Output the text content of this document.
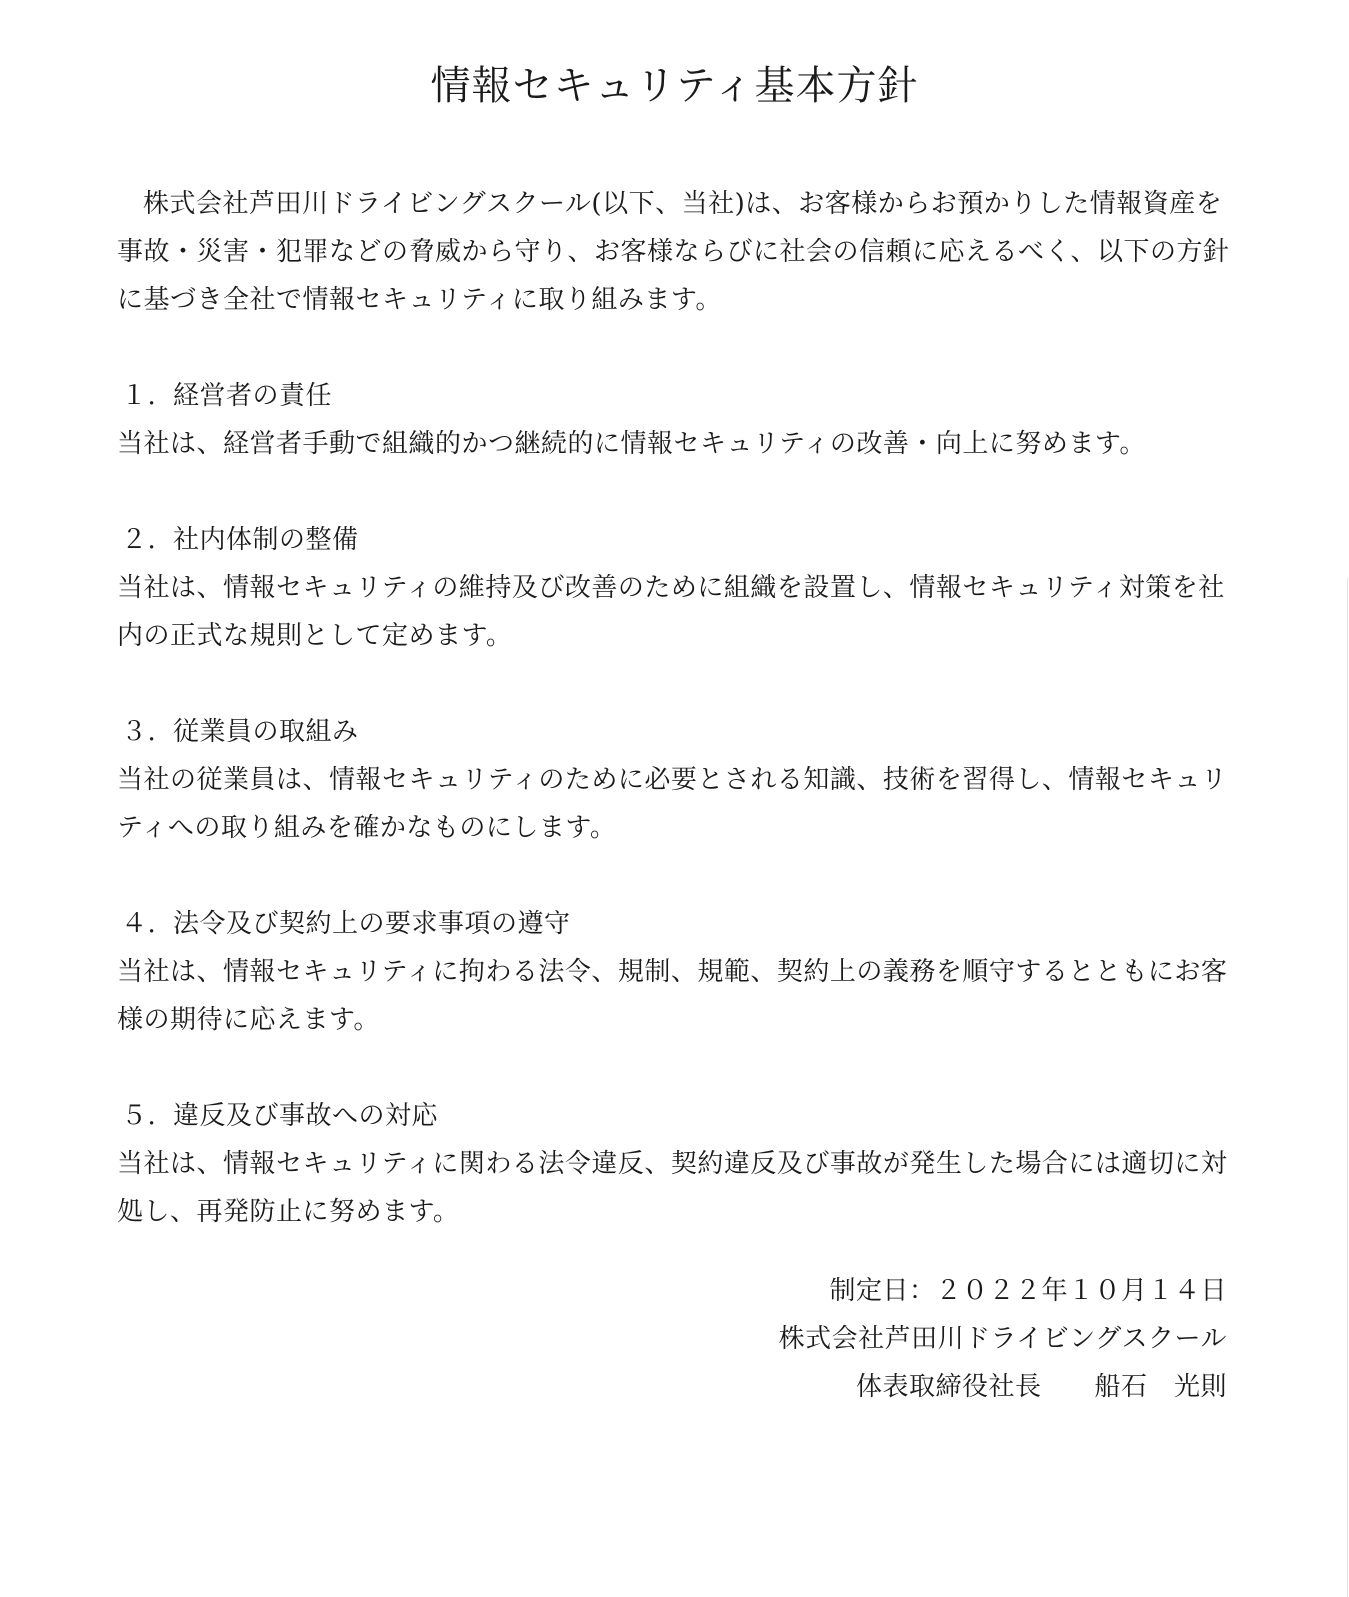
情報セキュリティ基本方針

株式会社芦田川ドライビングスクール(以下、当社)は、お客様からお預かりした情報資産を事故・災害・犯罪などの脅威から守り、お客様ならびに社会の信頼に応えるべく、以下の方針に基づき全社で情報セキュリティに取り組みます。

１. 経営者の責任

当社は、経営者手動で組織的かつ継続的に情報セキュリティの改善・向上に努めます。

２. 社内体制の整備

当社は、情報セキュリティの維持及び改善のために組織を設置し、情報セキュリティ対策を社内の正式な規則として定めます。

３. 従業員の取組み

当社の従業員は、情報セキュリティのために必要とされる知識、技術を習得し、情報セキュリティへの取り組みを確かなものにします。

４. 法令及び契約上の要求事項の遵守

当社は、情報セキュリティに拘わる法令、規制、規範、契約上の義務を順守するとともにお客様の期待に応えます。

５. 違反及び事故への対応

当社は、情報セキュリティに関わる法令違反、契約違反及び事故が発生した場合には適切に対処し、再発防止に努めます。

制定日：２０２２年１０月１４日

株式会社芦田川ドライビングスクール

体表取締役社長　　船石　光則
